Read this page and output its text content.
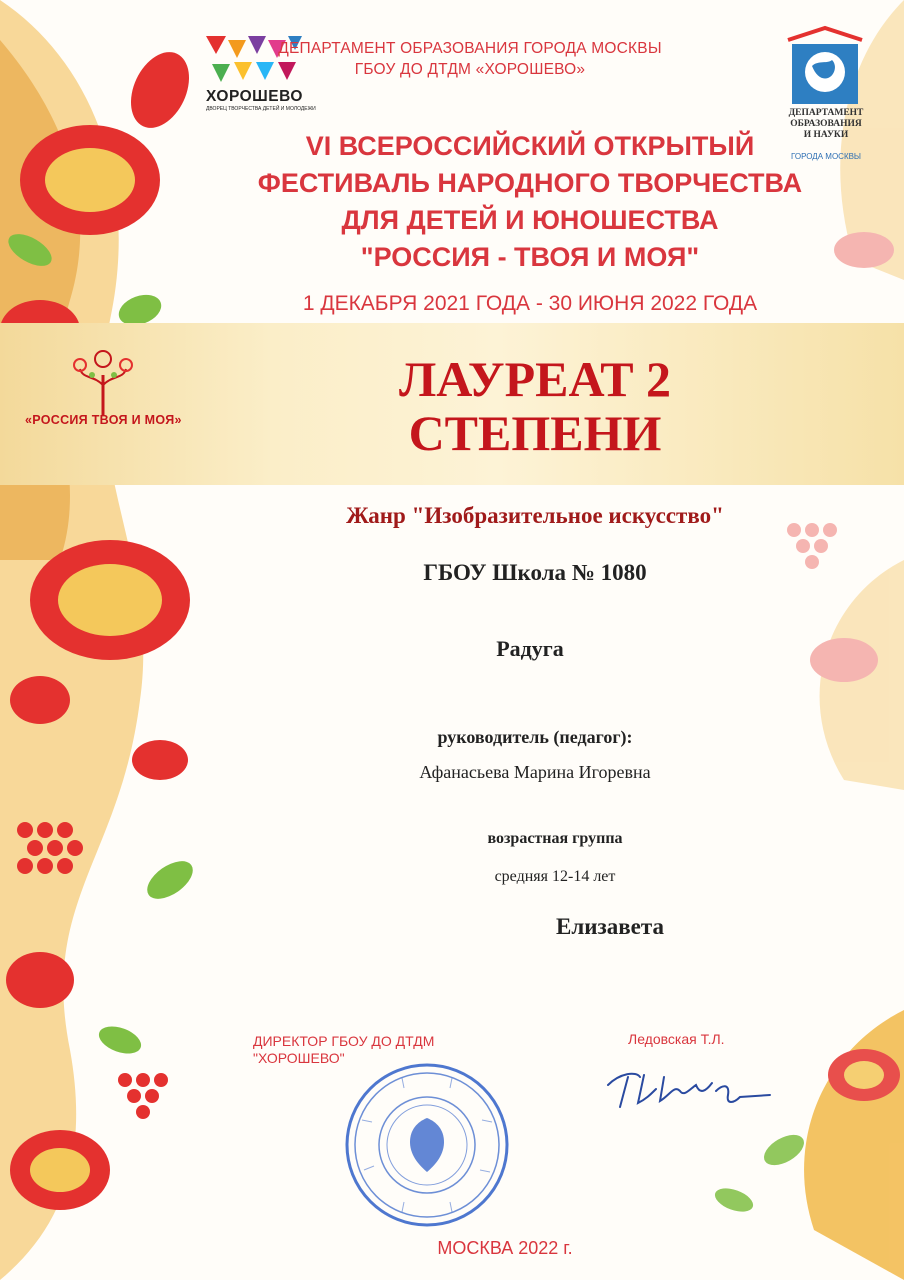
ХОРОШЕВО
ДВОРЕЦ ТВОРЧЕСТВА ДЕТЕЙ И МОЛОДЕЖИ
ДЕПАРТАМЕНТ ОБРАЗОВАНИЯ ГОРОДА МОСКВЫ
ГБОУ ДО ДТДМ «ХОРОШЕВО»
ДЕПАРТАМЕНТ
ОБРАЗОВАНИЯ
И НАУКИ
ГОРОДА МОСКВЫ
VI ВСЕРОССИЙСКИЙ ОТКРЫТЫЙ
ФЕСТИВАЛЬ НАРОДНОГО ТВОРЧЕСТВА
ДЛЯ ДЕТЕЙ И ЮНОШЕСТВА
"РОССИЯ - ТВОЯ И МОЯ"
1 ДЕКАБРЯ 2021 ГОДА - 30 ИЮНЯ 2022 ГОДА
«РОССИЯ ТВОЯ И МОЯ»
ЛАУРЕАТ 2
СТЕПЕНИ
Жанр "Изобразительное искусство"
ГБОУ Школа № 1080
Радуга
руководитель (педагог):
Афанасьева Марина Игоревна
возрастная группа
средняя 12-14 лет
Елизавета
ДИРЕКТОР ГБОУ ДО ДТДМ
"ХОРОШЕВО"
Ледовская Т.Л.
МОСКВА 2022 г.
